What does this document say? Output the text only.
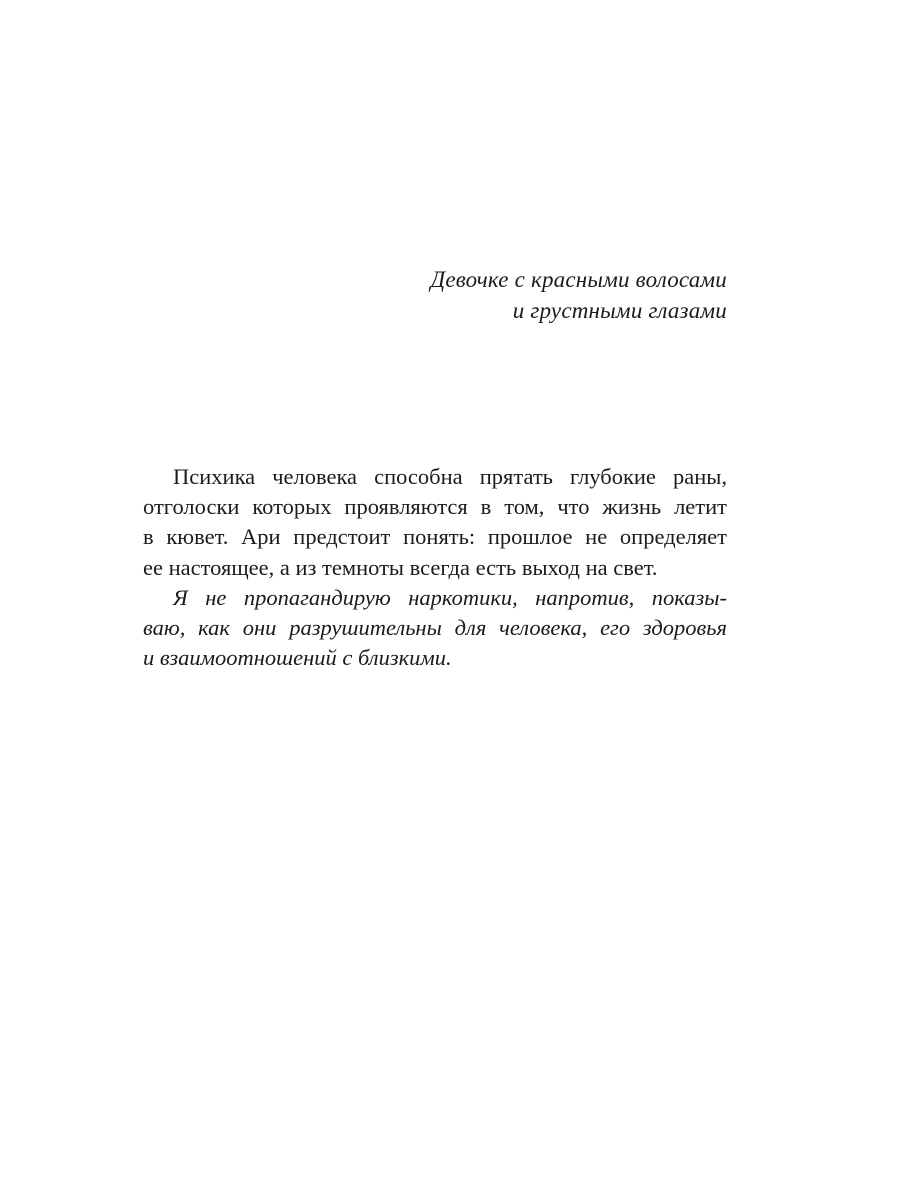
Девочке с красными волосами
и грустными глазами
Психика человека способна прятать глубокие раны,
отголоски которых проявляются в том, что жизнь летит
в кювет. Ари предстоит понять: прошлое не определяет
ее настоящее, а из темноты всегда есть выход на свет.
Я не пропагандирую наркотики, напротив, показы-
ваю, как они разрушительны для человека, его здоровья
и взаимоотношений с близкими.
